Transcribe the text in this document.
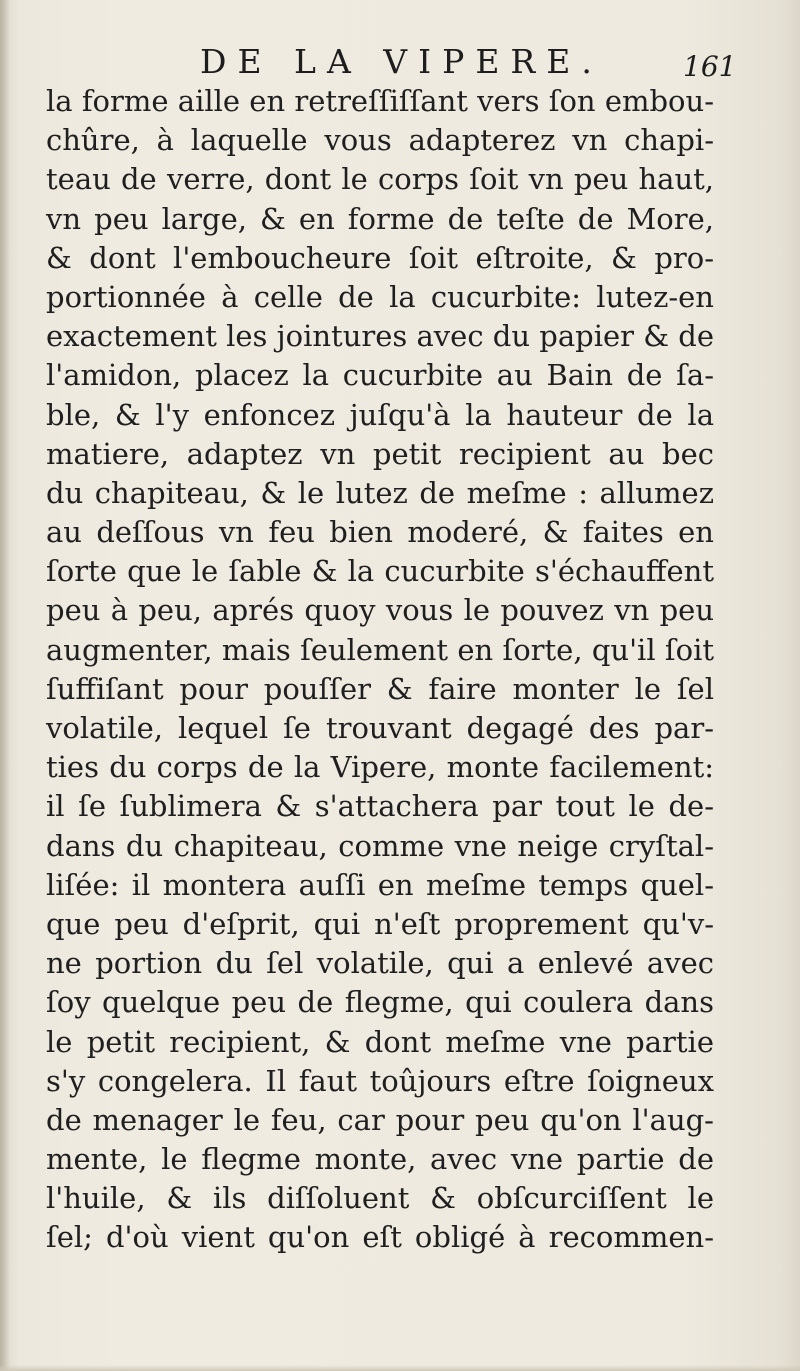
DE LA VIPERE.	161
la forme aille en retreſſiſſant vers ſon embou-
chûre, à laquelle vous adapterez vn chapi-
teau de verre, dont le corps ſoit vn peu haut,
vn peu large, & en forme de teſte de More,
& dont l'emboucheure ſoit eſtroite, & pro-
portionnée à celle de la cucurbite: lutez-en
exactement les jointures avec du papier & de
l'amidon, placez la cucurbite au Bain de ſa-
ble, & l'y enfoncez juſqu'à la hauteur de la
matiere, adaptez vn petit recipient au bec
du chapiteau, & le lutez de meſme : allumez
au deſſous vn feu bien moderé, & faites en
ſorte que le ſable & la cucurbite s'échauffent
peu à peu, aprés quoy vous le pouvez vn peu
augmenter, mais ſeulement en ſorte, qu'il ſoit
ſuffiſant pour pouſſer & faire monter le ſel
volatile, lequel ſe trouvant degagé des par-
ties du corps de la Vipere, monte facilement:
il ſe ſublimera & s'attachera par tout le de-
dans du chapiteau, comme vne neige cryſtal-
liſée: il montera auſſi en meſme temps quel-
que peu d'eſprit, qui n'eſt proprement qu'v-
ne portion du ſel volatile, qui a enlevé avec
ſoy quelque peu de flegme, qui coulera dans
le petit recipient, & dont meſme vne partie
s'y congelera. Il faut toûjours eſtre ſoigneux
de menager le feu, car pour peu qu'on l'aug-
mente, le flegme monte, avec vne partie de
l'huile, & ils diſſoluent & obſcurciſſent le
ſel; d'où vient qu'on eſt obligé à recommen-
